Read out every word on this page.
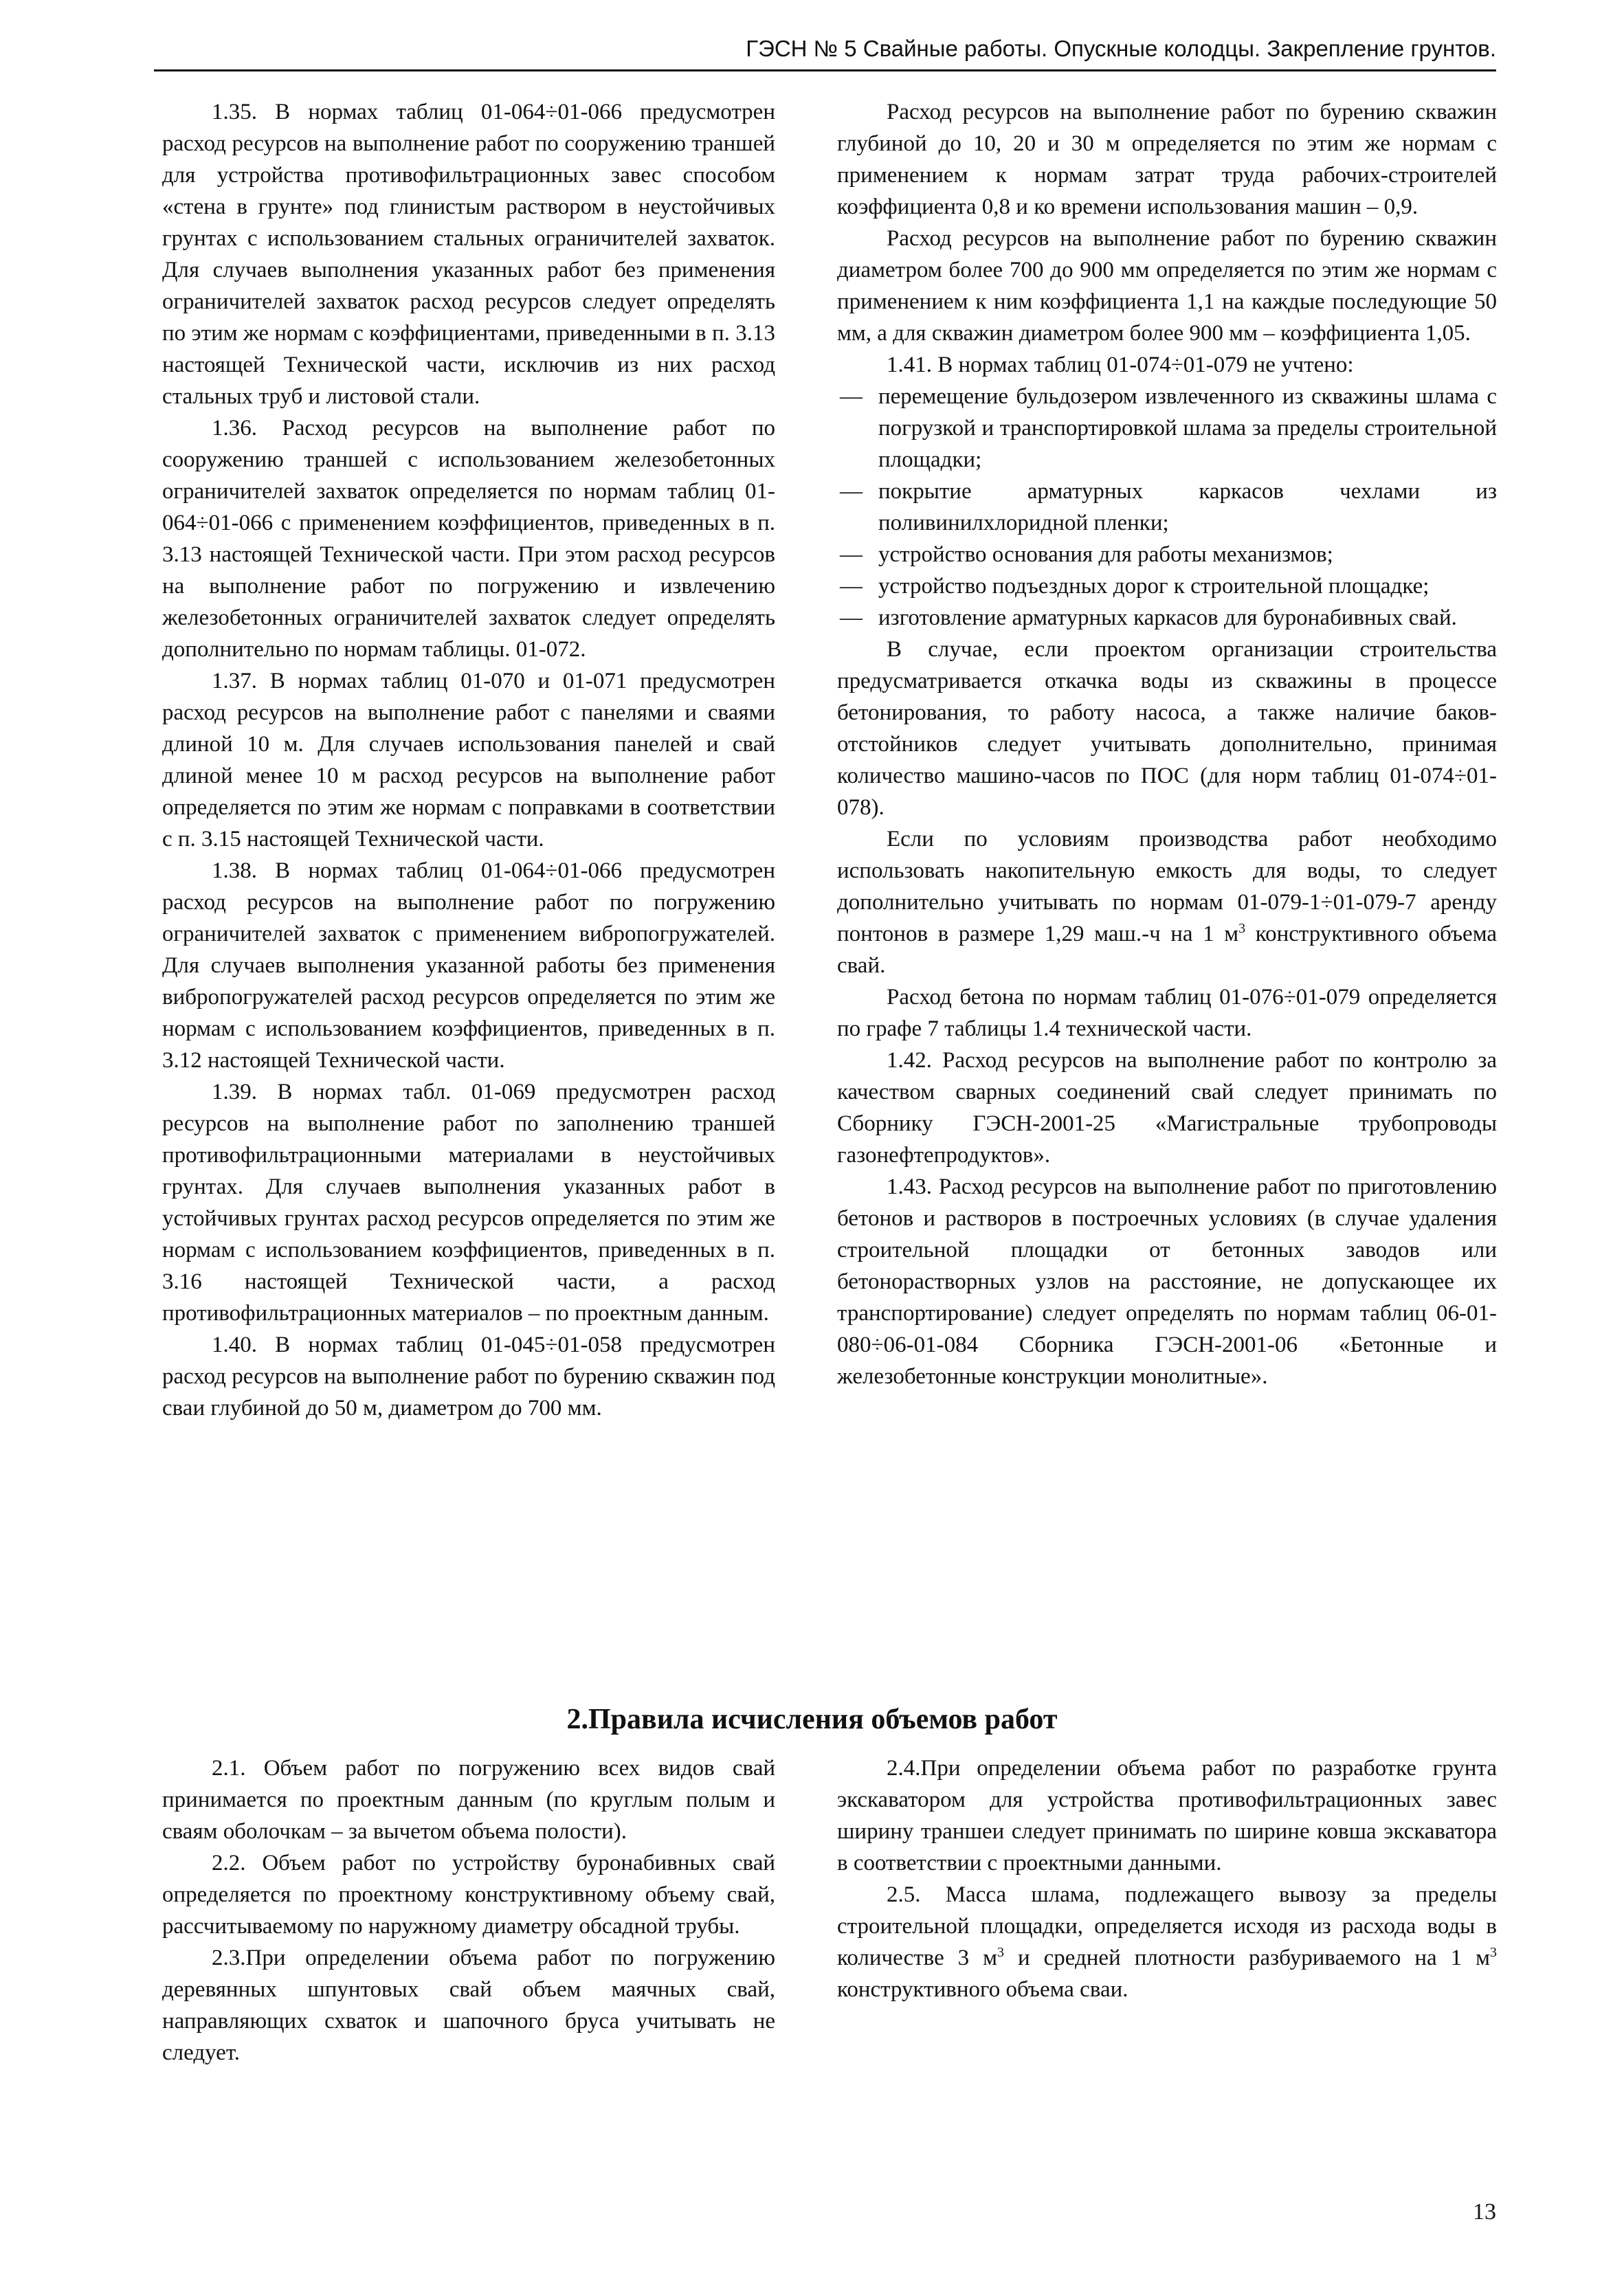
ГЭСН № 5 Свайные работы. Опускные колодцы. Закрепление грунтов.

1.35. В нормах таблиц 01-064÷01-066 предусмотрен расход ресурсов на выполнение работ по сооружению траншей для устройства противофильтрационных завес способом «стена в грунте» под глинистым раствором в неустойчивых грунтах с использованием стальных ограничителей захваток. Для случаев выполнения указанных работ без применения ограничителей захваток расход ресурсов следует определять по этим же нормам с коэффициентами, приведенными в п. 3.13 настоящей Технической части, исключив из них расход стальных труб и листовой стали.

1.36. Расход ресурсов на выполнение работ по сооружению траншей с использованием железобетонных ограничителей захваток определяется по нормам таблиц 01-064÷01-066 с применением коэффициентов, приведенных в п. 3.13 настоящей Технической части. При этом расход ресурсов на выполнение работ по погружению и извлечению железобетонных ограничителей захваток следует определять дополнительно по нормам таблицы. 01-072.

1.37. В нормах таблиц 01-070 и 01-071 предусмотрен расход ресурсов на выполнение работ с панелями и сваями длиной 10 м. Для случаев использования панелей и свай длиной менее 10 м расход ресурсов на выполнение работ определяется по этим же нормам с поправками в соответствии с п. 3.15 настоящей Технической части.

1.38. В нормах таблиц 01-064÷01-066 предусмотрен расход ресурсов на выполнение работ по погружению ограничителей захваток с применением вибропогружателей. Для случаев выполнения указанной работы без применения вибропогружателей расход ресурсов определяется по этим же нормам с использованием коэффициентов, приведенных в п. 3.12 настоящей Технической части.

1.39. В нормах табл. 01-069 предусмотрен расход ресурсов на выполнение работ по заполнению траншей противофильтрационными материалами в неустойчивых грунтах. Для случаев выполнения указанных работ в устойчивых грунтах расход ресурсов определяется по этим же нормам с использованием коэффициентов, приведенных в п. 3.16 настоящей Технической части, а расход противофильтрационных материалов – по проектным данным.

1.40. В нормах таблиц 01-045÷01-058 предусмотрен расход ресурсов на выполнение работ по бурению скважин под сваи глубиной до 50 м, диаметром до 700 мм.

Расход ресурсов на выполнение работ по бурению скважин глубиной до 10, 20 и 30 м определяется по этим же нормам с применением к нормам затрат труда рабочих-строителей коэффициента 0,8 и ко времени использования машин – 0,9.

Расход ресурсов на выполнение работ по бурению скважин диаметром более 700 до 900 мм определяется по этим же нормам с применением к ним коэффициента 1,1 на каждые последующие 50 мм, а для скважин диаметром более 900 мм – коэффициента 1,05.

1.41. В нормах таблиц 01-074÷01-079 не учтено:

— перемещение бульдозером извлеченного из скважины шлама с погрузкой и транспортировкой шлама за пределы строительной площадки;

— покрытие арматурных каркасов чехлами из поливинилхлоридной пленки;

— устройство основания для работы механизмов;

— устройство подъездных дорог к строительной площадке;

— изготовление арматурных каркасов для буронабивных свай.

В случае, если проектом организации строительства предусматривается откачка воды из скважины в процессе бетонирования, то работу насоса, а также наличие баков-отстойников следует учитывать дополнительно, принимая количество машино-часов по ПОС (для норм таблиц 01-074÷01-078).

Если по условиям производства работ необходимо использовать накопительную емкость для воды, то следует дополнительно учитывать по нормам 01-079-1÷01-079-7 аренду понтонов в размере 1,29 маш.-ч на 1 $м^3$ конструктивного объема свай.

Расход бетона по нормам таблиц 01-076÷01-079 определяется по графе 7 таблицы 1.4 технической части.

1.42. Расход ресурсов на выполнение работ по контролю за качеством сварных соединений свай следует принимать по Сборнику ГЭСН-2001-25 «Магистральные трубопроводы газонефтепродуктов».

1.43. Расход ресурсов на выполнение работ по приготовлению бетонов и растворов в построечных условиях (в случае удаления строительной площадки от бетонных заводов или бетонорастворных узлов на расстояние, не допускающее их транспортирование) следует определять по нормам таблиц 06-01-080÷06-01-084 Сборника ГЭСН-2001-06 «Бетонные и железобетонные конструкции монолитные».

2.Правила исчисления объемов работ

2.1. Объем работ по погружению всех видов свай принимается по проектным данным (по круглым полым и сваям оболочкам – за вычетом объема полости).

2.2. Объем работ по устройству буронабивных свай определяется по проектному конструктивному объему свай, рассчитываемому по наружному диаметру обсадной трубы.

2.3.При определении объема работ по погружению деревянных шпунтовых свай объем маячных свай, направляющих схваток и шапочного бруса учитывать не следует.

2.4.При определении объема работ по разработке грунта экскаватором для устройства противофильтрационных завес ширину траншеи следует принимать по ширине ковша экскаватора в соответствии с проектными данными.

2.5. Масса шлама, подлежащего вывозу за пределы строительной площадки, определяется исходя из расхода воды в количестве 3 $м^3$ и средней плотности разбуриваемого на 1 $м^3$ конструктивного объема сваи.

13
